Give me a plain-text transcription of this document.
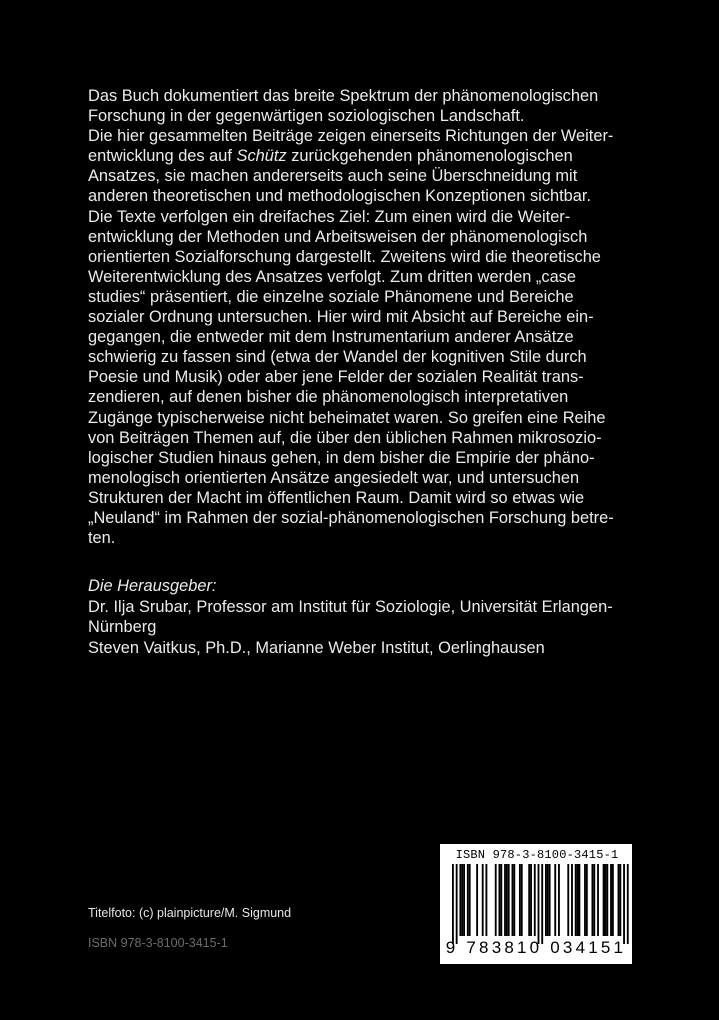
Das Buch dokumentiert das breite Spektrum der phänomenologischen
Forschung in der gegenwärtigen soziologischen Landschaft.
Die hier gesammelten Beiträge zeigen einerseits Richtungen der Weiter-
entwicklung des auf Schütz zurückgehenden phänomenologischen
Ansatzes, sie machen andererseits auch seine Überschneidung mit
anderen theoretischen und methodologischen Konzeptionen sichtbar.
Die Texte verfolgen ein dreifaches Ziel: Zum einen wird die Weiter-
entwicklung der Methoden und Arbeitsweisen der phänomenologisch
orientierten Sozialforschung dargestellt. Zweitens wird die theoretische
Weiterentwicklung des Ansatzes verfolgt. Zum dritten werden „case
studies“ präsentiert, die einzelne soziale Phänomene und Bereiche
sozialer Ordnung untersuchen. Hier wird mit Absicht auf Bereiche ein-
gegangen, die entweder mit dem Instrumentarium anderer Ansätze
schwierig zu fassen sind (etwa der Wandel der kognitiven Stile durch
Poesie und Musik) oder aber jene Felder der sozialen Realität trans-
zendieren, auf denen bisher die phänomenologisch interpretativen
Zugänge typischerweise nicht beheimatet waren. So greifen eine Reihe
von Beiträgen Themen auf, die über den üblichen Rahmen mikrosozio-
logischer Studien hinaus gehen, in dem bisher die Empirie der phäno-
menologisch orientierten Ansätze angesiedelt war, und untersuchen
Strukturen der Macht im öffentlichen Raum. Damit wird so etwas wie
„Neuland“ im Rahmen der sozial-phänomenologischen Forschung betre-
ten.
Die Herausgeber:
Dr. Ilja Srubar, Professor am Institut für Soziologie, Universität Erlangen-
Nürnberg
Steven Vaitkus, Ph.D., Marianne Weber Institut, Oerlinghausen
ISBN 978-3-8100-3415-1
9 783810 034151
Titelfoto: (c) plainpicture/M. Sigmund
ISBN 978-3-8100-3415-1
